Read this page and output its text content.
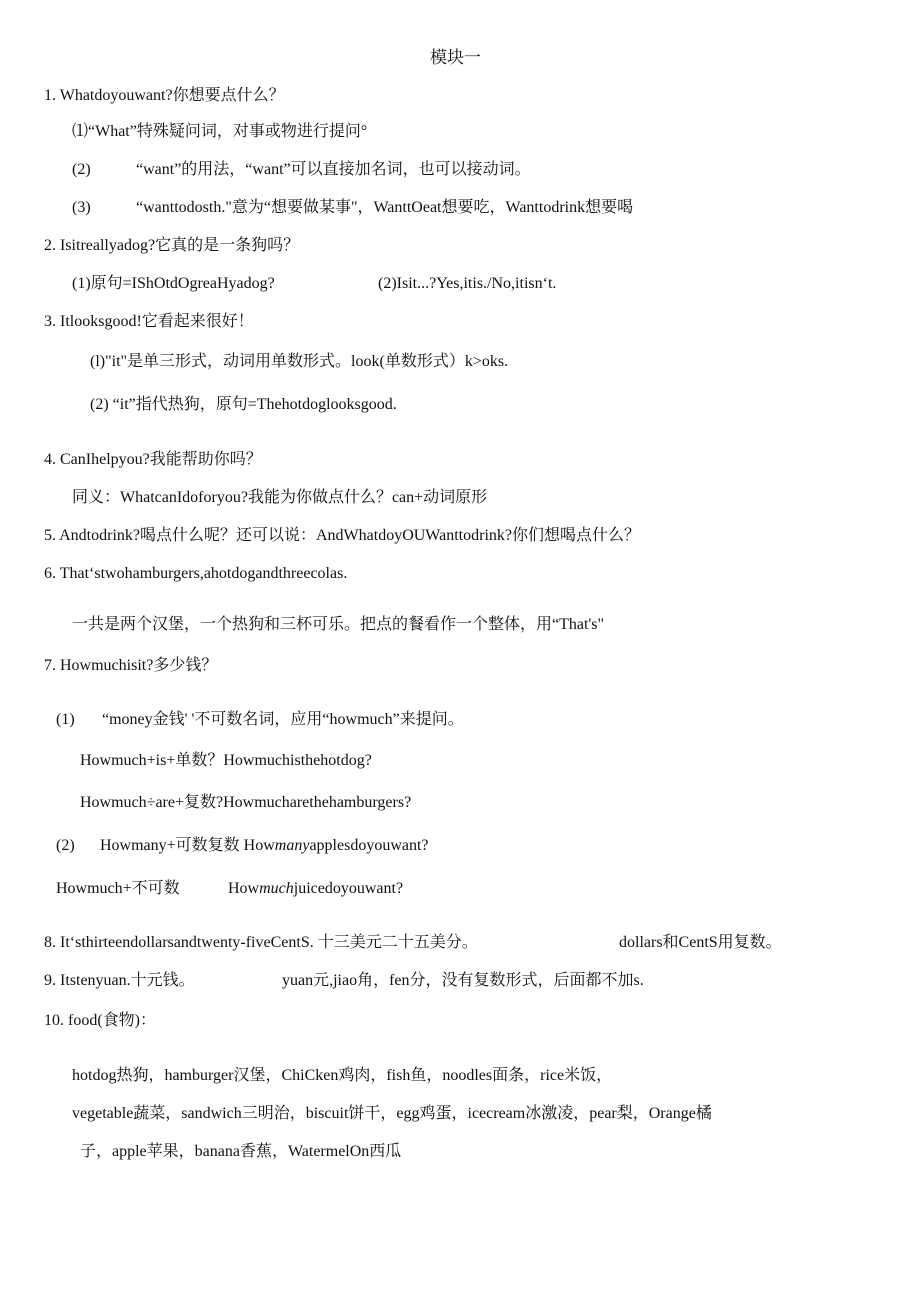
模块一
1. Whatdoyouwant?你想要点什么？
⑴“What”特殊疑问词，对事或物进行提问°
(2)	“want”的用法，“want”可以直接加名词，也可以接动词。
(3)	“wanttodosth."意为“想要做某事"，WanttOeat想要吃，Wanttodrink想要喝
2. Isitreallyadog?它真的是一条狗吗？
(1)原句=IShOtdOgreaHyadog?	(2)Isit...?Yes,itis./No,itisn‘t.
3. Itlooksgood!它看起来很好！
(l)"it"是单三形式，动词用单数形式。look(单数形式）k>oks.
(2) “it”指代热狗，原句=Thehotdoglooksgood.
4. CanIhelpyou?我能帮助你吗？
同义：WhatcanIdoforyou?我能为你做点什么？can+动词原形
5. Andtodrink?喝点什么呢？还可以说：AndWhatdoyOUWanttodrink?你们想喝点什么？
6. That‘stwohamburgers,ahotdogandthreecolas.
一共是两个汉堡，一个热狗和三杯可乐。把点的餐看作一个整体，用“That's"
7. Howmuchisit?多少钱？
(1) “money金钱' '不可数名词，应用“howmuch”来提问。
Howmuch+is+单数？Howmuchisthehotdog?
Howmuch÷are+复数?Howmucharethehamburgers?
(2) Howmany+可数复数 Howmanyapplesdoyouwant?
Howmuch+不可数	Howmuchjuicedoyouwant?
8. It‘sthirteendollarsandtwenty-fiveCentS. 十三美元二十五美分。	dollars和CentS用复数。
9. Itstenyuan.十元钱。	yuan元,jiao角，fen分，没有复数形式，后面都不加s.
10. food(食物)：
hotdog热狗，hamburger汉堡，ChiCken鸡肉，fish鱼，noodles面条，rice米饭，
vegetable蔬菜，sandwich三明治，biscuit饼干，egg鸡蛋，icecream冰激凌，pear梨，Orange橘
子，apple苹果，banana香蕉，WatermelOn西瓜
